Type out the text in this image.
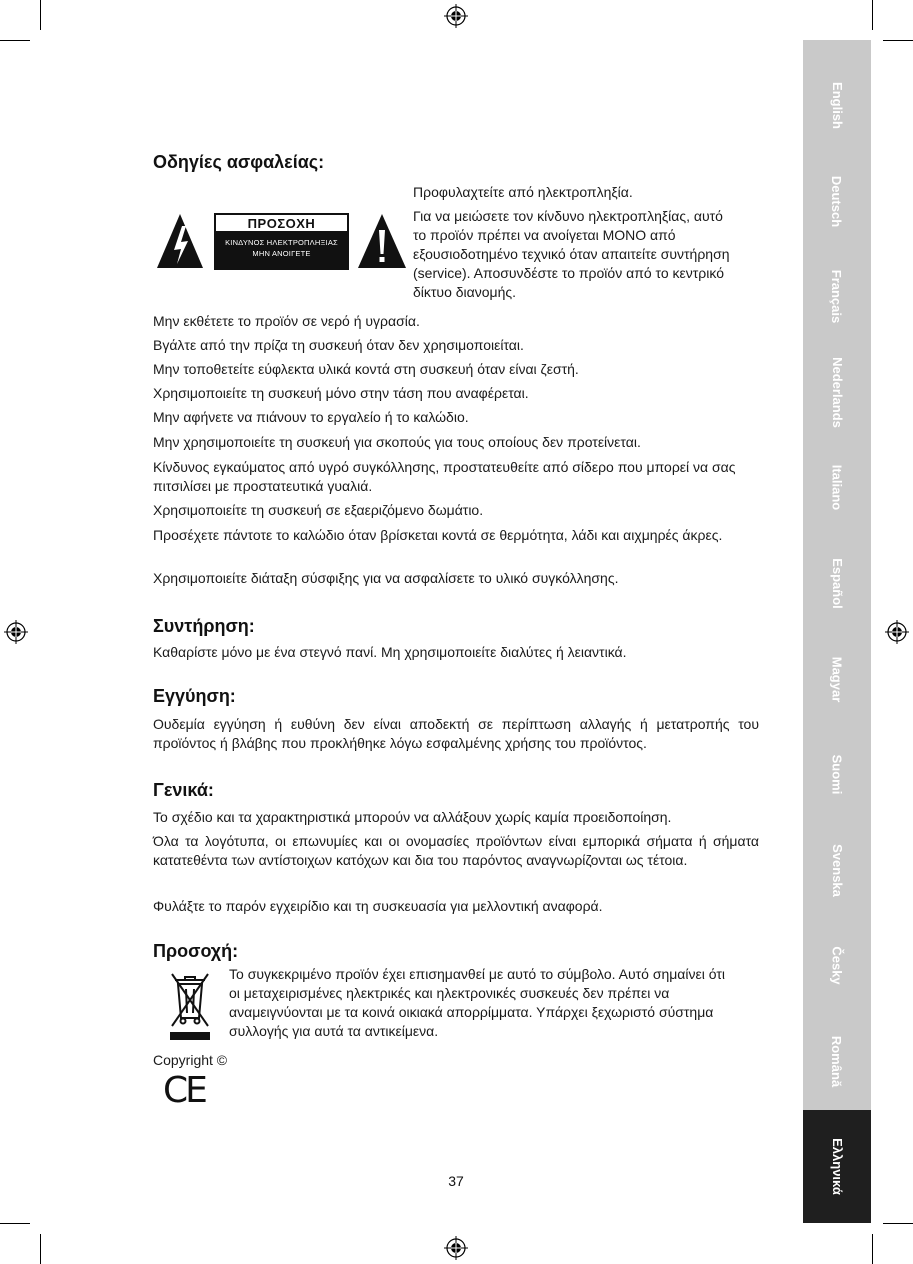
Οδηγίες ασφαλείας:
ΠΡΟΣΟΧΗ
ΚΙΝΔΥΝΟΣ ΗΛΕΚΤΡΟΠΛΗΞΙΑΣ
ΜΗΝ ΑΝΟΙΓΕΤΕ

Προφυλαχτείτε από ηλεκτροπληξία.

Για να μειώσετε τον κίνδυνο ηλεκτροπληξίας, αυτό το προϊόν πρέπει να ανοίγεται ΜΟΝΟ από εξουσιοδοτημένο τεχνικό όταν απαιτείτε συντήρηση (service). Αποσυνδέστε το προϊόν από το κεντρικό δίκτυο διανομής.

Μην εκθέτετε το προϊόν σε νερό ή υγρασία.

Βγάλτε από την πρίζα τη συσκευή όταν δεν χρησιμοποιείται.

Μην τοποθετείτε εύφλεκτα υλικά κοντά στη συσκευή όταν είναι ζεστή.

Χρησιμοποιείτε τη συσκευή μόνο στην τάση που αναφέρεται.

Μην αφήνετε να πιάνουν το εργαλείο ή το καλώδιο.

Μην χρησιμοποιείτε τη συσκευή για σκοπούς για τους οποίους δεν προτείνεται.

Κίνδυνος εγκαύματος από υγρό συγκόλλησης, προστατευθείτε από σίδερο που μπορεί να σας πιτσιλίσει με προστατευτικά γυαλιά.

Χρησιμοποιείτε τη συσκευή σε εξαεριζόμενο δωμάτιο.

Προσέχετε πάντοτε το καλώδιο όταν βρίσκεται κοντά σε θερμότητα, λάδι και αιχμηρές άκρες.

Χρησιμοποιείτε διάταξη σύσφιξης για να ασφαλίσετε το υλικό συγκόλλησης.

Συντήρηση:

Καθαρίστε μόνο με ένα στεγνό πανί. Μη χρησιμοποιείτε διαλύτες ή λειαντικά.

Εγγύηση:

Ουδεμία εγγύηση ή ευθύνη δεν είναι αποδεκτή σε περίπτωση αλλαγής ή μετατροπής του προϊόντος ή βλάβης που προκλήθηκε λόγω εσφαλμένης χρήσης του προϊόντος.

Γενικά:

Το σχέδιο και τα χαρακτηριστικά μπορούν να αλλάξουν χωρίς καμία προειδοποίηση.

Όλα τα λογότυπα, οι επωνυμίες και οι ονομασίες προϊόντων είναι εμπορικά σήματα ή σήματα κατατεθέντα των αντίστοιχων κατόχων και δια του παρόντος αναγνωρίζονται ως τέτοια.

Φυλάξτε το παρόν εγχειρίδιο και τη συσκευασία για μελλοντική αναφορά.

Προσοχή:

Το συγκεκριμένο προϊόν έχει επισημανθεί με αυτό το σύμβολο. Αυτό σημαίνει ότι οι μεταχειρισμένες ηλεκτρικές και ηλεκτρονικές συσκευές δεν πρέπει να αναμειγνύονται με τα κοινά οικιακά απορρίμματα. Υπάρχει ξεχωριστό σύστημα συλλογής για αυτά τα αντικείμενα.

Copyright ©

CE
English
Deutsch
Français
Nederlands
Italiano
Español
Magyar
Suomi
Svenska
Česky
Română
Ελληνικά
37
